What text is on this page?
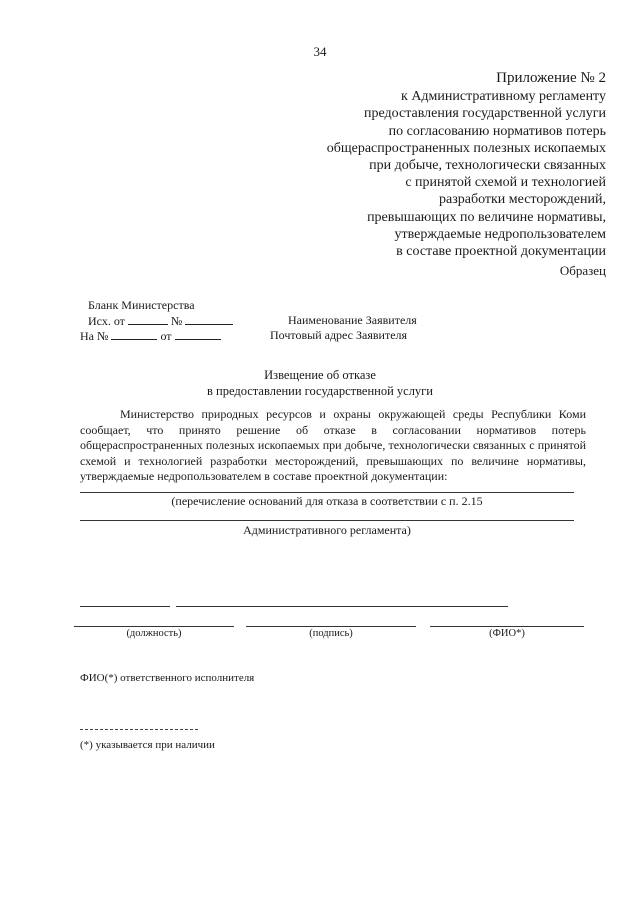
34
Приложение № 2
к Административному регламенту
предоставления государственной услуги
по согласованию нормативов потерь
общераспространенных полезных ископаемых
при добыче, технологически связанных
с принятой схемой и технологией
разработки месторождений,
превышающих по величине нормативы,
утверждаемые недропользователем
в составе проектной документации
Образец
Бланк Министерства
Исх. от	№
На №	от
Наименование Заявителя
Почтовый адрес Заявителя
Извещение об отказе
в предоставлении государственной услуги
Министерство природных ресурсов и охраны окружающей среды Республики Коми
сообщает, что принято решение об отказе в согласовании нормативов потерь общераспространенных полезных ископаемых при добыче, технологически связанных с принятой схемой и технологией разработки месторождений, превышающих по величине нормативы, утверждаемые недропользователем в составе проектной документации:
(перечисление оснований для отказа в соответствии с п. 2.15
Административного регламента)
(должность)	(подпись)	(ФИО*)
ФИО(*) ответственного исполнителя
(*) указывается при наличии
